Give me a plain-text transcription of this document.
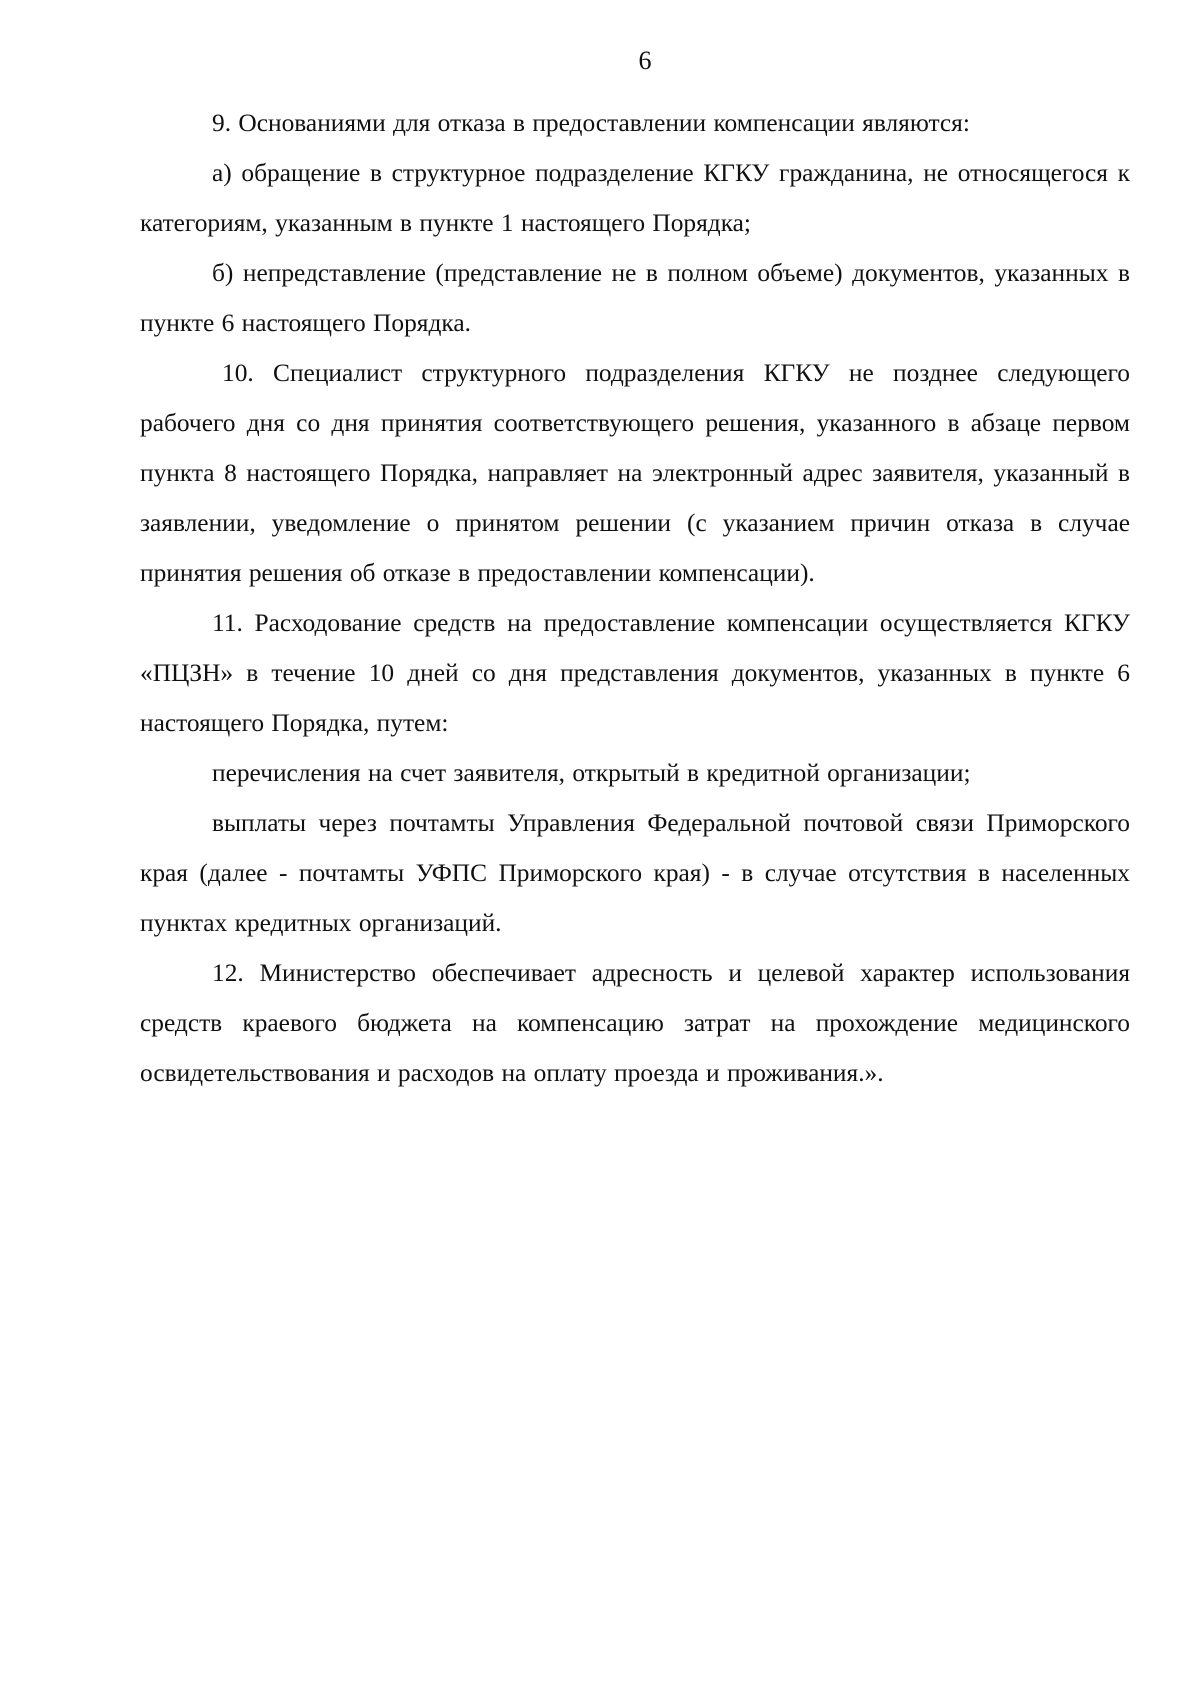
6

9. Основаниями для отказа в предоставлении компенсации являются:

а) обращение в структурное подразделение КГКУ гражданина, не относящегося к категориям, указанным в пункте 1 настоящего Порядка;

б) непредставление (представление не в полном объеме) документов, указанных в пункте 6 настоящего Порядка.

10. Специалист структурного подразделения КГКУ не позднее следующего рабочего дня со дня принятия соответствующего решения, указанного в абзаце первом пункта 8 настоящего Порядка, направляет на электронный адрес заявителя, указанный в заявлении, уведомление о принятом решении (с указанием причин отказа в случае принятия решения об отказе в предоставлении компенсации).

11. Расходование средств на предоставление компенсации осуществляется КГКУ «ПЦЗН» в течение 10 дней со дня представления документов, указанных в пункте 6 настоящего Порядка, путем:

перечисления на счет заявителя, открытый в кредитной организации;

выплаты через почтамты Управления Федеральной почтовой связи Приморского края (далее - почтамты УФПС Приморского края) - в случае отсутствия в населенных пунктах кредитных организаций.

12. Министерство обеспечивает адресность и целевой характер использования средств краевого бюджета на компенсацию затрат на прохождение медицинского освидетельствования и расходов на оплату проезда и проживания.».
